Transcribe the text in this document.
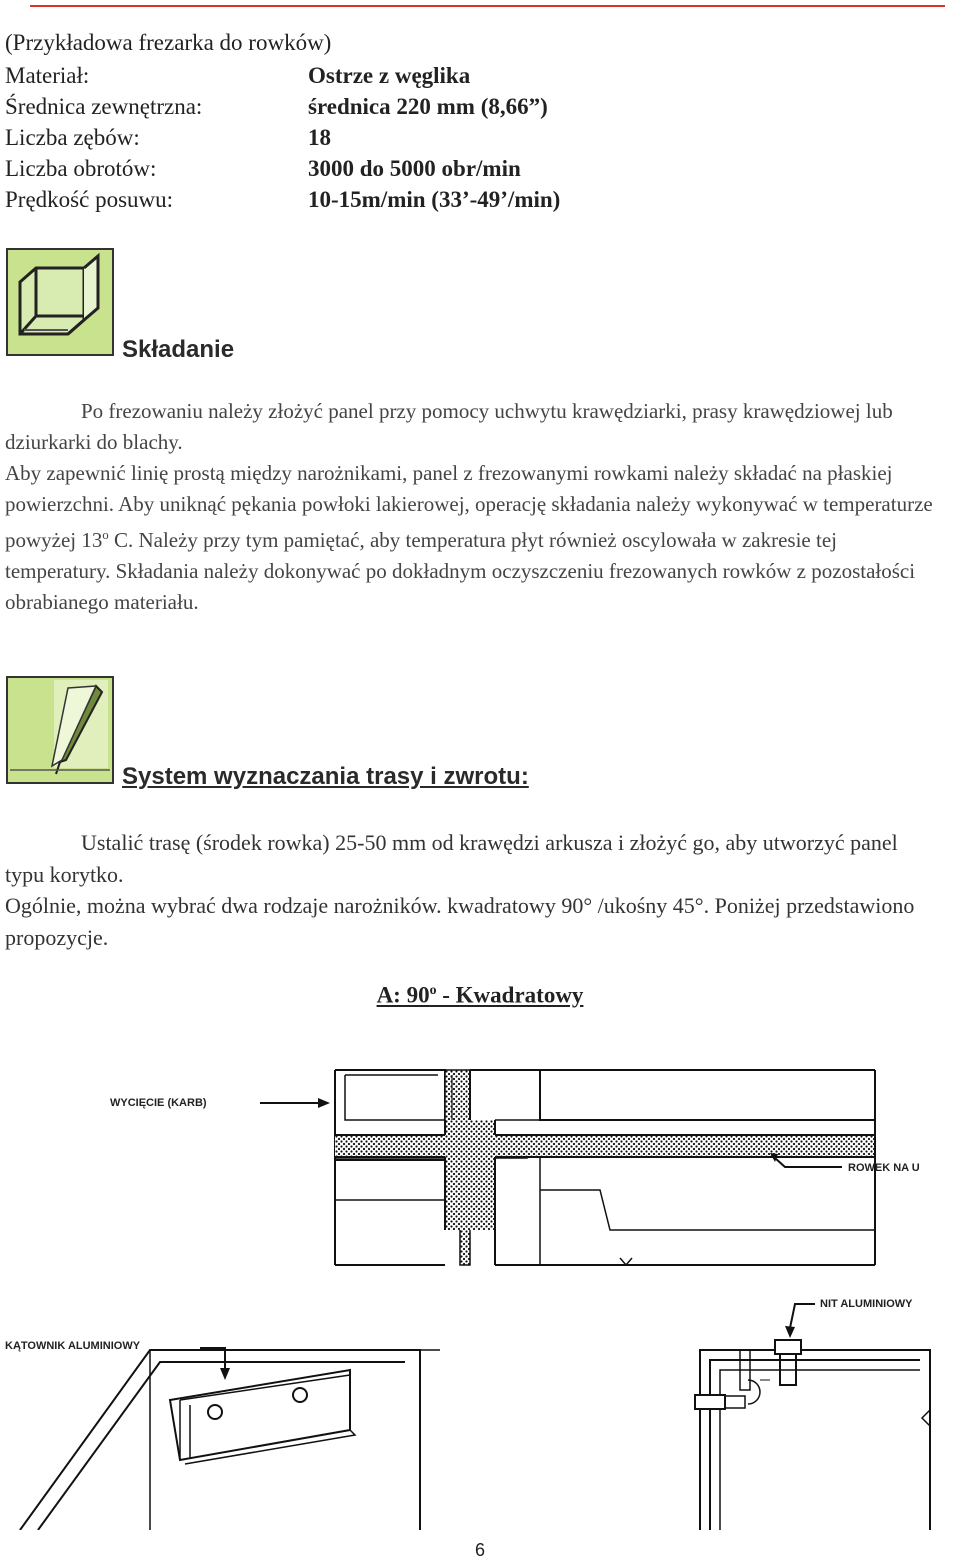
(Przykładowa frezarka do rowków)
Materiał:	Ostrze z węglika
Średnica zewnętrzna:	średnica 220 mm (8,66”)
Liczba zębów:	18
Liczba obrotów:	3000 do 5000 obr/min
Prędkość posuwu:	10-15m/min (33’-49’/min)
Składanie

Po frezowaniu należy złożyć panel przy pomocy uchwytu krawędziarki, prasy krawędziowej lub dziurkarki do blachy.

Aby zapewnić linię prostą między narożnikami, panel z frezowanymi rowkami należy składać na płaskiej powierzchni. Aby uniknąć pękania powłoki lakierowej, operację składania należy wykonywać w temperaturze powyżej 13$^o$ C. Należy przy tym pamiętać, aby temperatura płyt również oscylowała w zakresie tej temperatury. Składania należy dokonywać po dokładnym oczyszczeniu frezowanych rowków z pozostałości obrabianego materiału.

System wyznaczania trasy i zwrotu:

Ustalić trasę (środek rowka) 25-50 mm od krawędzi arkusza i złożyć go, aby utworzyć panel typu korytko.

Ogólnie, można wybrać dwa rodzaje narożników. kwadratowy 90° /ukośny 45°. Poniżej przedstawiono propozycje.

A: 90$^o$ - Kwadratowy
WYCIĘCIE (KARB)
ROWEK NA U
KĄTOWNIK ALUMINIOWY
NIT ALUMINIOWY
6
